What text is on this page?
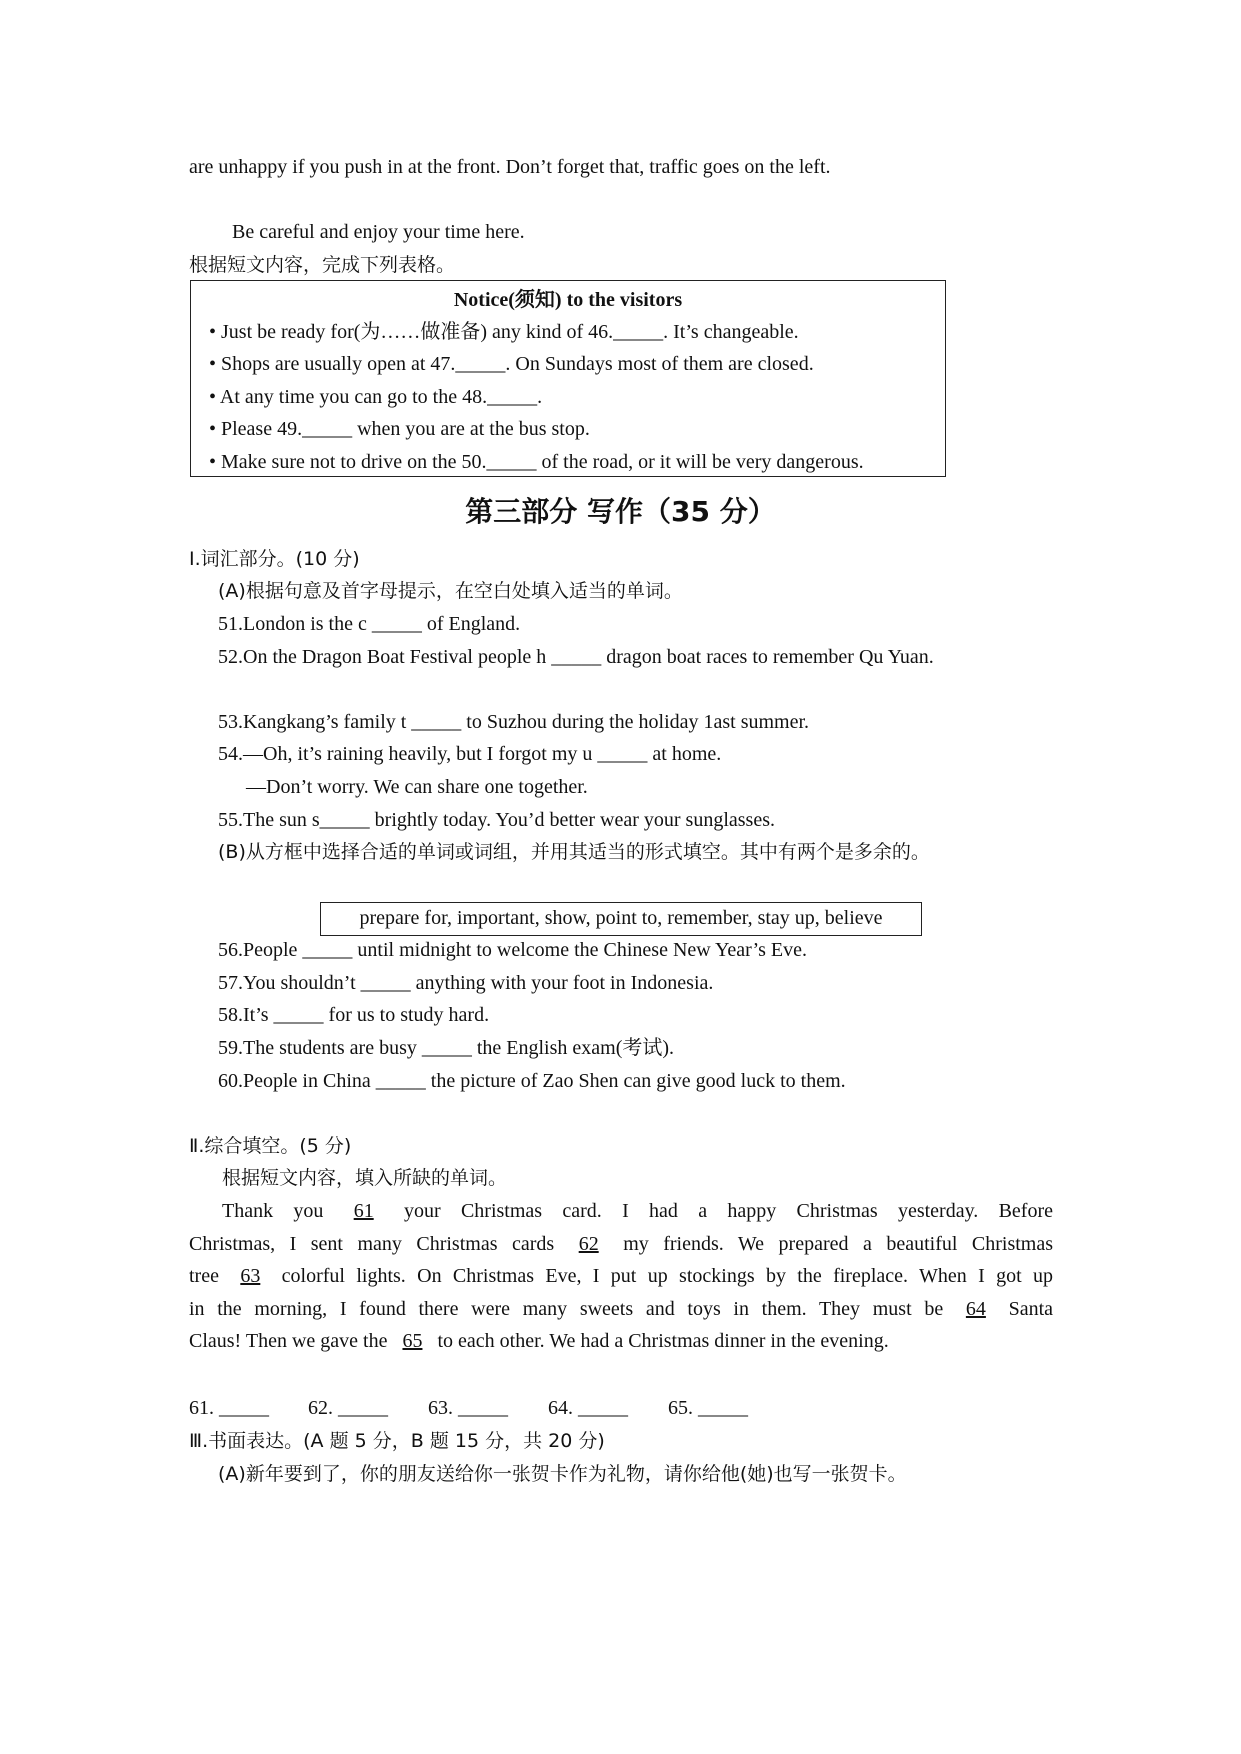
are unhappy if you push in at the front. Don’t forget that, traffic goes on the left.
Be careful and enjoy your time here.
根据短文内容，完成下列表格。
Notice(须知) to the visitors
• Just be ready for(为……做准备) any kind of 46._____. It’s changeable.
• Shops are usually open at 47._____. On Sundays most of them are closed.
• At any time you can go to the 48._____.
• Please 49._____ when you are at the bus stop.
• Make sure not to drive on the 50._____ of the road, or it will be very dangerous.
第三部分 写作（35 分）
Ⅰ.词汇部分。(10 分)
(A)根据句意及首字母提示，在空白处填入适当的单词。
51.London is the c _____ of England.
52.On the Dragon Boat Festival people h _____ dragon boat races to remember Qu Yuan.
53.Kangkang’s family t _____ to Suzhou during the holiday 1ast summer.
54.—Oh, it’s raining heavily, but I forgot my u _____ at home.
—Don’t worry. We can share one together.
55.The sun s_____ brightly today. You’d better wear your sunglasses.
(B)从方框中选择合适的单词或词组，并用其适当的形式填空。其中有两个是多余的。
prepare for, important, show, point to, remember, stay up, believe
56.People _____ until midnight to welcome the Chinese New Year’s Eve.
57.You shouldn’t _____ anything with your foot in Indonesia.
58.It’s _____ for us to study hard.
59.The students are busy _____ the English exam(考试).
60.People in China _____ the picture of Zao Shen can give good luck to them.
Ⅱ.综合填空。(5 分)
根据短文内容，填入所缺的单词。
Thank you 61 your Christmas card. I had a happy Christmas yesterday. Before
Christmas, I sent many Christmas cards 62 my friends. We prepared a beautiful Christmas
tree 63 colorful lights. On Christmas Eve, I put up stockings by the fireplace. When I got up
in the morning, I found there were many sweets and toys in them. They must be 64 Santa
Claus! Then we gave the 65 to each other. We had a Christmas dinner in the evening.
61. _____ 62. _____ 63. _____ 64. _____ 65. _____
Ⅲ.书面表达。(A 题 5 分，B 题 15 分，共 20 分)
(A)新年要到了，你的朋友送给你一张贺卡作为礼物，请你给他(她)也写一张贺卡。
